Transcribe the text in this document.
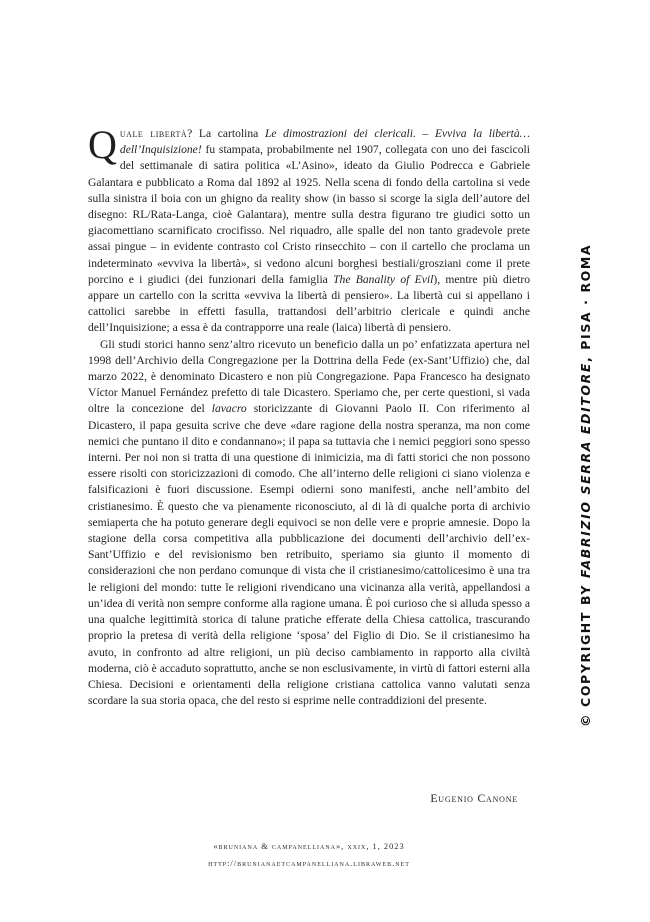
Quale libertà? La cartolina Le dimostrazioni dei clericali. – Evviva la libertà… dell’Inquisizione! fu stampata, probabilmente nel 1907, collegata con uno dei fascicoli del settimanale di satira politica «L’Asino», ideato da Giulio Podrecca e Gabriele Galantara e pubblicato a Roma dal 1892 al 1925. Nella scena di fondo della cartolina si vede sulla sinistra il boia con un ghigno da reality show (in basso si scorge la sigla dell’autore del disegno: RL/Rata-Langa, cioè Galantara), mentre sulla destra figurano tre giudici sotto un giacomettiano scarnificato crocifisso. Nel riquadro, alle spalle del non tanto gradevole prete assai pingue – in evidente contrasto col Cristo rinsecchito – con il cartello che proclama un indeterminato «evviva la libertà», si vedono alcuni borghesi bestiali/grosziani come il prete porcino e i giudici (dei funzionari della famiglia The Banality of Evil), mentre più dietro appare un cartello con la scritta «evviva la libertà di pensiero». La libertà cui si appellano i cattolici sarebbe in effetti fasulla, trattandosi dell’arbitrio clericale e quindi anche dell’Inquisizione; a essa è da contrapporre una reale (laica) libertà di pensiero.

Gli studi storici hanno senz’altro ricevuto un beneficio dalla un po’ enfatizzata apertura nel 1998 dell’Archivio della Congregazione per la Dottrina della Fede (ex-Sant’Uffizio) che, dal marzo 2022, è denominato Dicastero e non più Congregazione. Papa Francesco ha designato Víctor Manuel Fernández prefetto di tale Dicastero. Speriamo che, per certe questioni, si vada oltre la concezione del lavacro storicizzante di Giovanni Paolo II. Con riferimento al Dicastero, il papa gesuita scrive che deve «dare ragione della nostra speranza, ma non come nemici che puntano il dito e condannano»; il papa sa tuttavia che i nemici peggiori sono spesso interni. Per noi non si tratta di una questione di inimicizia, ma di fatti storici che non possono essere risolti con storicizzazioni di comodo. Che all’interno delle religioni ci siano violenza e falsificazioni è fuori discussione. Esempi odierni sono manifesti, anche nell’ambito del cristianesimo. È questo che va pienamente riconosciuto, al di là di qualche porta di archivio semiaperta che ha potuto generare degli equivoci se non delle vere e proprie amnesie. Dopo la stagione della corsa competitiva alla pubblicazione dei documenti dell’archivio dell’ex-Sant’Uffizio e del revisionismo ben retribuito, speriamo sia giunto il momento di considerazioni che non perdano comunque di vista che il cristianesimo/cattolicesimo è una tra le religioni del mondo: tutte le religioni rivendicano una vicinanza alla verità, appellandosi a un’idea di verità non sempre conforme alla ragione umana. È poi curioso che si alluda spesso a una qualche legittimità storica di talune pratiche efferate della Chiesa cattolica, trascurando proprio la pretesa di verità della religione ‘sposa’ del Figlio di Dio. Se il cristianesimo ha avuto, in confronto ad altre religioni, un più deciso cambiamento in rapporto alla civiltà moderna, ciò è accaduto soprattutto, anche se non esclusivamente, in virtù di fattori esterni alla Chiesa. Decisioni e orientamenti della religione cristiana cattolica vanno valutati senza scordare la sua storia opaca, che del resto si esprime nelle contraddizioni del presente.

Eugenio Canone
«bruniana & campanelliana», xxix, 1, 2023
http://brunianaetcampanelliana.libraweb.net
© COPYRIGHT BY FABRIZIO SERRA EDITORE, PISA · ROMA
